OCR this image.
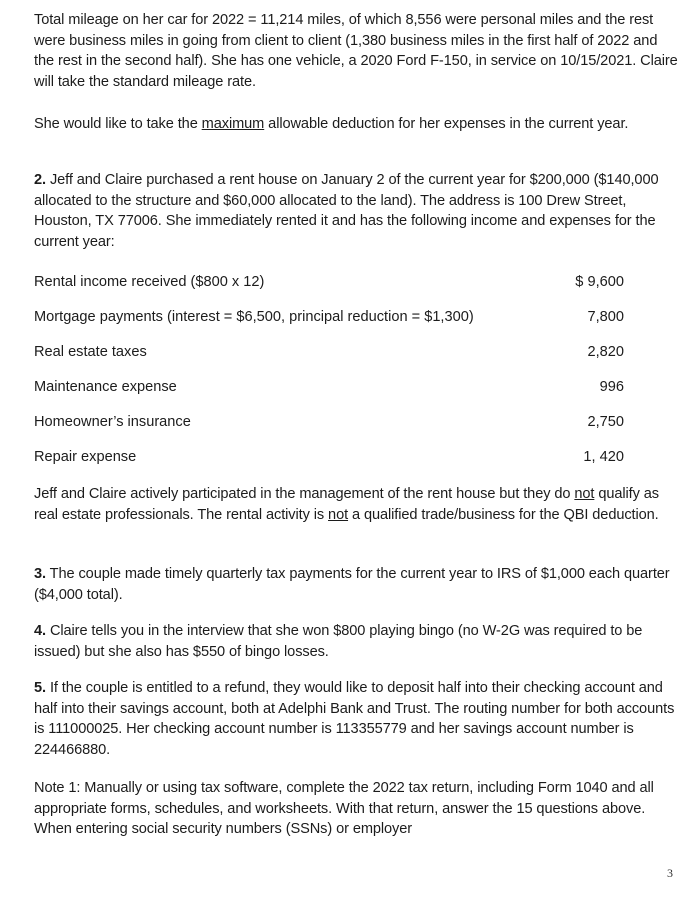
Total mileage on her car for 2022 = 11,214 miles, of which 8,556 were personal miles and the rest were business miles in going from client to client (1,380 business miles in the first half of 2022 and the rest in the second half). She has one vehicle, a 2020 Ford F-150, in service on 10/15/2021. Claire will take the standard mileage rate.

She would like to take the maximum allowable deduction for her expenses in the current year.

2. Jeff and Claire purchased a rent house on January 2 of the current year for $200,000 ($140,000 allocated to the structure and $60,000 allocated to the land). The address is 100 Drew Street, Houston, TX 77006. She immediately rented it and has the following income and expenses for the current year:

Rental income received ($800 x 12)	$ 9,600
Mortgage payments (interest = $6,500, principal reduction = $1,300)	7,800
Real estate taxes	2,820
Maintenance expense	996
Homeowner’s insurance	2,750
Repair expense	1, 420

Jeff and Claire actively participated in the management of the rent house but they do not qualify as real estate professionals. The rental activity is not a qualified trade/business for the QBI deduction.

3. The couple made timely quarterly tax payments for the current year to IRS of $1,000 each quarter ($4,000 total).

4. Claire tells you in the interview that she won $800 playing bingo (no W-2G was required to be issued) but she also has $550 of bingo losses.

5. If the couple is entitled to a refund, they would like to deposit half into their checking account and half into their savings account, both at Adelphi Bank and Trust. The routing number for both accounts is 111000025. Her checking account number is 113355779 and her savings account number is 224466880.

Note 1: Manually or using tax software, complete the 2022 tax return, including Form 1040 and all appropriate forms, schedules, and worksheets. With that return, answer the 15 questions above. When entering social security numbers (SSNs) or employer

3
